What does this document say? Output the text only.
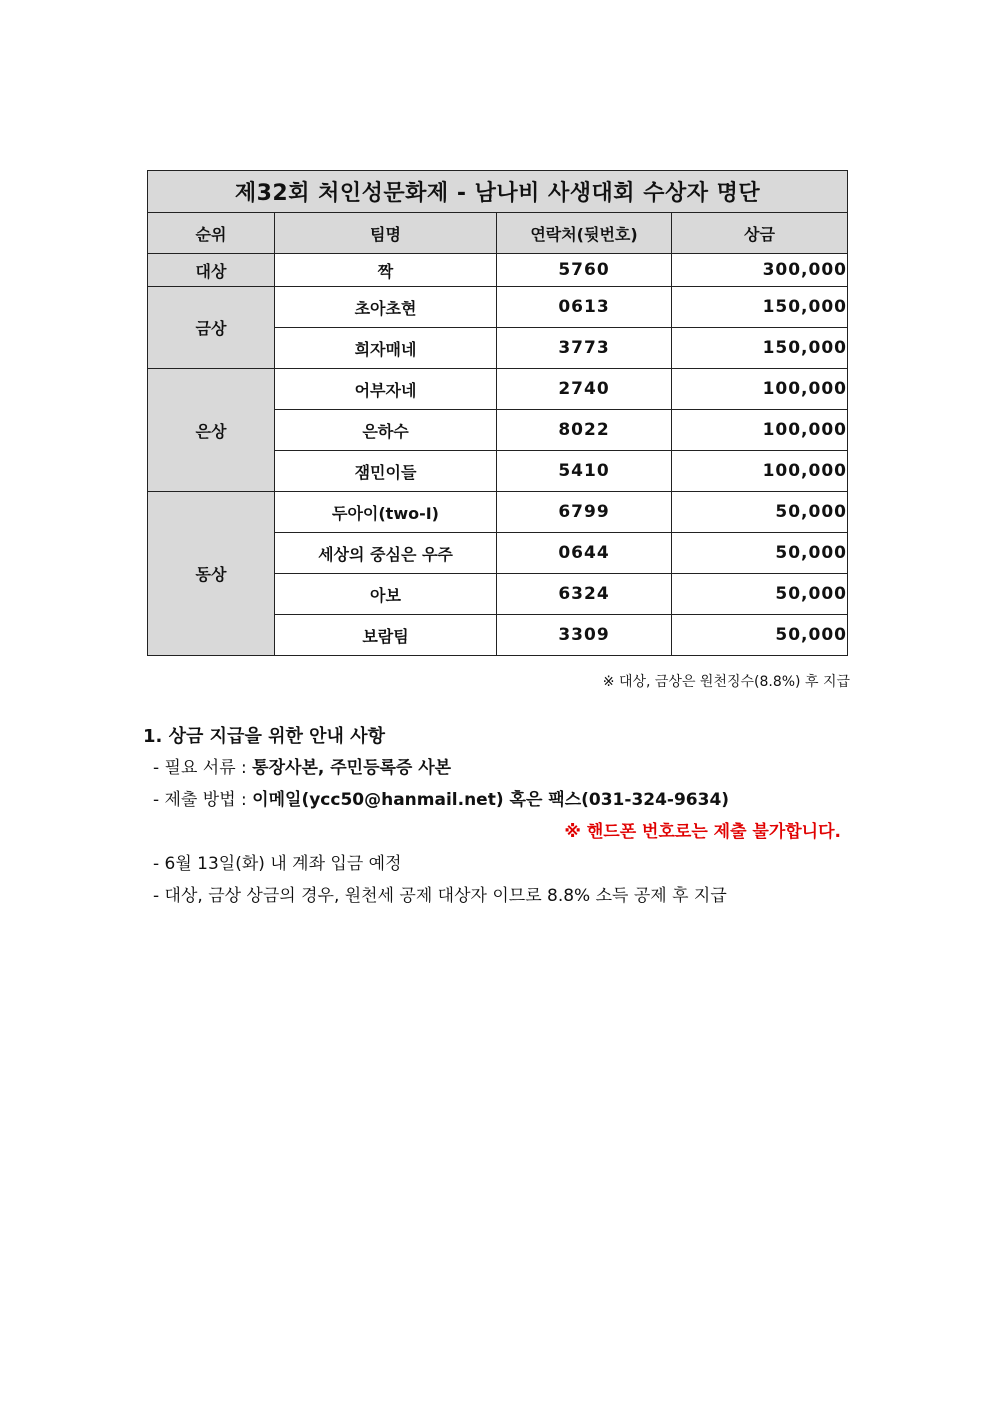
제32회 처인성문화제 - 남나비 사생대회 수상자 명단			
순위	팀명	연락처(뒷번호)	상금
대상	짝	5760	300,000
금상	초아초현	0613	150,000
	희자매네	3773	150,000
은상	어부자네	2740	100,000
	은하수	8022	100,000
	잼민이들	5410	100,000
동상	두아이(two-I)	6799	50,000
	세상의 중심은 우주	0644	50,000
	아보	6324	50,000
	보람팀	3309	50,000
※ 대상, 금상은 원천징수(8.8%) 후 지급
1. 상금 지급을 위한 안내 사항
- 필요 서류 : 통장사본, 주민등록증 사본
- 제출 방법 : 이메일(ycc50@hanmail.net) 혹은 팩스(031-324-9634)
※ 핸드폰 번호로는 제출 불가합니다.
- 6월 13일(화) 내 계좌 입금 예정
- 대상, 금상 상금의 경우, 원천세 공제 대상자 이므로 8.8% 소득 공제 후 지급
